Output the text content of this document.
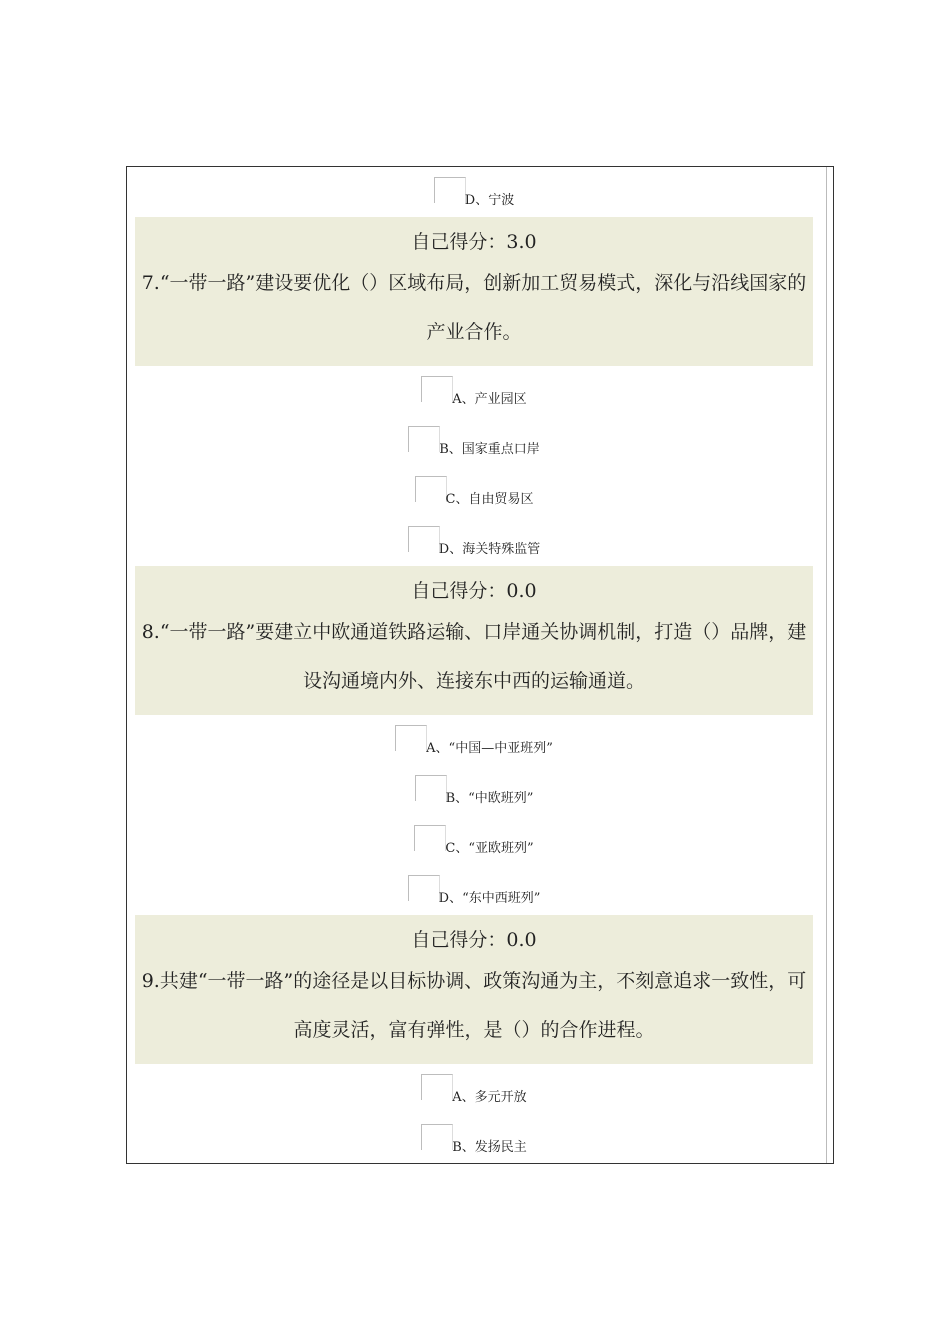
D、宁波
自己得分：3.0
7.“一带一路”建设要优化（）区域布局，创新加工贸易模式，深化与沿线国家的产业合作。
A、产业园区
B、国家重点口岸
C、自由贸易区
D、海关特殊监管
自己得分：0.0
8.“一带一路”要建立中欧通道铁路运输、口岸通关协调机制，打造（）品牌，建设沟通境内外、连接东中西的运输通道。
A、“中国—中亚班列”
B、“中欧班列”
C、“亚欧班列”
D、“东中西班列”
自己得分：0.0
9.共建“一带一路”的途径是以目标协调、政策沟通为主，不刻意追求一致性，可高度灵活，富有弹性，是（）的合作进程。
A、多元开放
B、发扬民主
